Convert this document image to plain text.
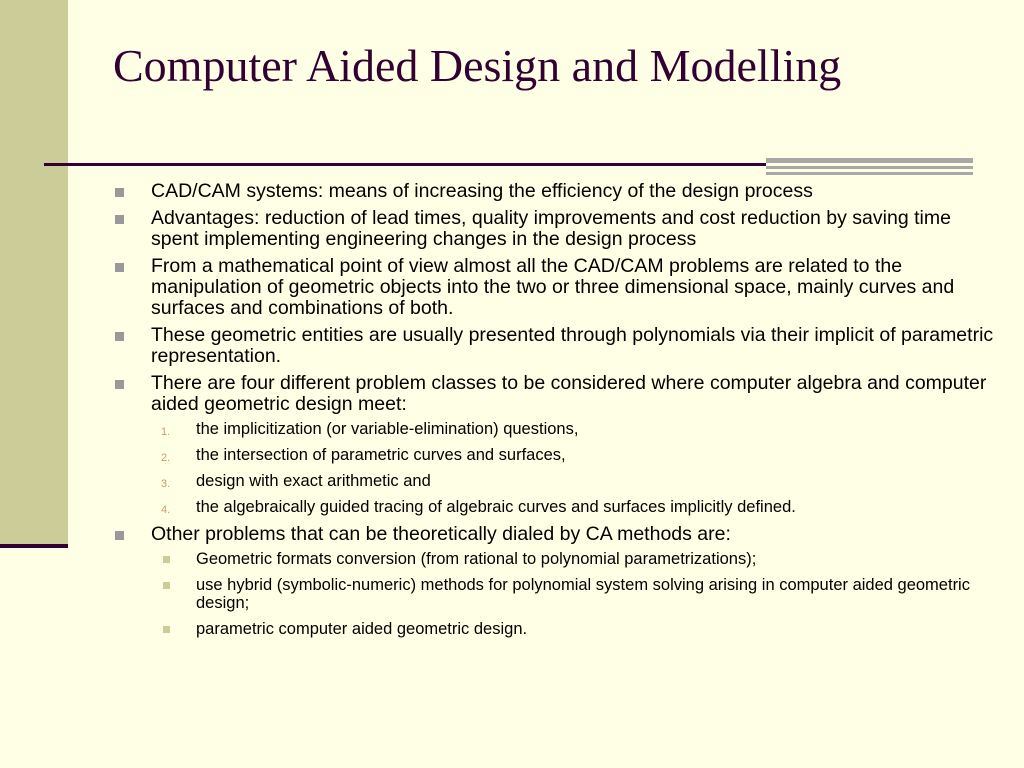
Computer Aided Design and Modelling
CAD/CAM systems: means of increasing the efficiency of the design process
Advantages: reduction of lead times, quality improvements and cost reduction by saving time spent implementing engineering changes in the design process
From a mathematical point of view almost all the CAD/CAM problems are related to the manipulation of geometric objects into the two or three dimensional space, mainly curves and surfaces and combinations of both.
These geometric entities are usually presented through polynomials via their implicit of parametric representation.
There are four different problem classes to be considered where computer algebra and computer aided geometric design meet:
1. the implicitization (or variable-elimination) questions,
2. the intersection of parametric curves and surfaces,
3. design with exact arithmetic and
4. the algebraically guided tracing of algebraic curves and surfaces implicitly defined.
Other problems that can be theoretically dialed by CA methods are:
Geometric formats conversion (from rational to polynomial parametrizations);
use hybrid (symbolic-numeric) methods for polynomial system solving arising in computer aided geometric design;
parametric computer aided geometric design.
